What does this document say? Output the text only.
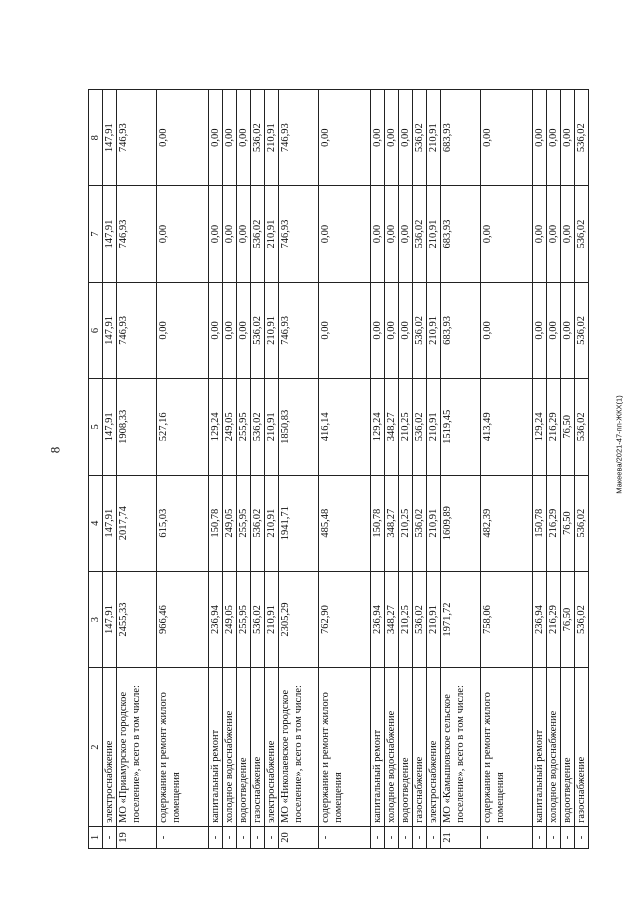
8	Макеева/2021-47-пп-ЖКХ(1)
1	2	3	4	5	6	7	8
-	электроснабжение	147,91	147,91	147,91	147,91	147,91	147,91
19	МО «Приамурское городское поселение», всего в том числе:	2455,33	2017,74	1908,33	746,93	746,93	746,93
-	содержание и ремонт жилого помещения	966,46	615,03	527,16	0,00	0,00	0,00
-	капитальный ремонт	236,94	150,78	129,24	0,00	0,00	0,00
-	холодное водоснабжение	249,05	249,05	249,05	0,00	0,00	0,00
-	водоотведение	255,95	255,95	255,95	0,00	0,00	0,00
-	газоснабжение	536,02	536,02	536,02	536,02	536,02	536,02
-	электроснабжение	210,91	210,91	210,91	210,91	210,91	210,91
20	МО «Николаевское городское поселение», всего в том числе:	2305,29	1941,71	1850,83	746,93	746,93	746,93
-	содержание и ремонт жилого помещения	762,90	485,48	416,14	0,00	0,00	0,00
-	капитальный ремонт	236,94	150,78	129,24	0,00	0,00	0,00
-	холодное водоснабжение	348,27	348,27	348,27	0,00	0,00	0,00
-	водоотведение	210,25	210,25	210,25	0,00	0,00	0,00
-	газоснабжение	536,02	536,02	536,02	536,02	536,02	536,02
-	электроснабжение	210,91	210,91	210,91	210,91	210,91	210,91
21	МО «Камышовское сельское поселение», всего в том числе:	1971,72	1609,89	1519,45	683,93	683,93	683,93
-	содержание и ремонт жилого помещения	758,06	482,39	413,49	0,00	0,00	0,00
-	капитальный ремонт	236,94	150,78	129,24	0,00	0,00	0,00
-	холодное водоснабжение	216,29	216,29	216,29	0,00	0,00	0,00
-	водоотведение	76,50	76,50	76,50	0,00	0,00	0,00
-	газоснабжение	536,02	536,02	536,02	536,02	536,02	536,02
